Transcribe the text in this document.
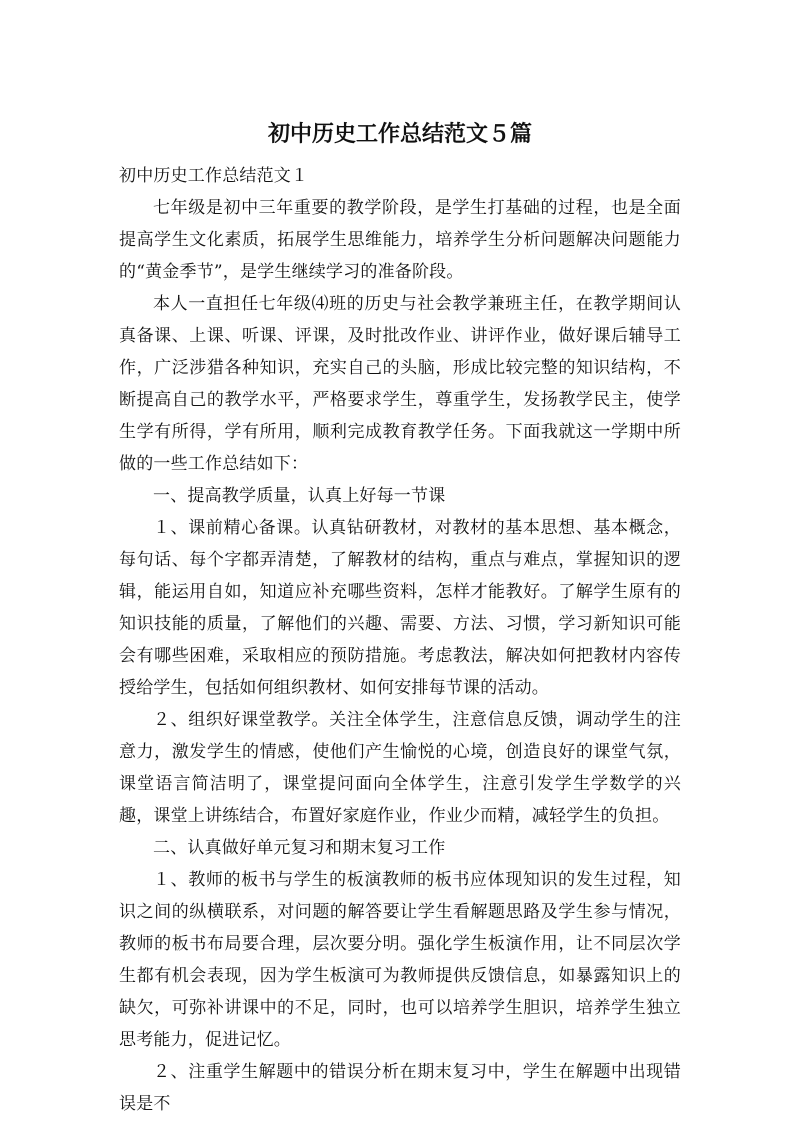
初中历史工作总结范文５篇

初中历史工作总结范文１

七年级是初中三年重要的教学阶段，是学生打基础的过程，也是全面提高学生文化素质，拓展学生思维能力，培养学生分析问题解决问题能力的“黄金季节”，是学生继续学习的准备阶段。

本人一直担任七年级⑷班的历史与社会教学兼班主任，在教学期间认真备课、上课、听课、评课，及时批改作业、讲评作业，做好课后辅导工作，广泛涉猎各种知识，充实自己的头脑，形成比较完整的知识结构，不断提高自己的教学水平，严格要求学生，尊重学生，发扬教学民主，使学生学有所得，学有所用，顺利完成教育教学任务。下面我就这一学期中所做的一些工作总结如下：

一、提高教学质量，认真上好每一节课

１、课前精心备课。认真钻研教材，对教材的基本思想、基本概念，每句话、每个字都弄清楚，了解教材的结构，重点与难点，掌握知识的逻辑，能运用自如，知道应补充哪些资料，怎样才能教好。了解学生原有的知识技能的质量，了解他们的兴趣、需要、方法、习惯，学习新知识可能会有哪些困难，采取相应的预防措施。考虑教法，解决如何把教材内容传授给学生，包括如何组织教材、如何安排每节课的活动。

２、组织好课堂教学。关注全体学生，注意信息反馈，调动学生的注意力，激发学生的情感，使他们产生愉悦的心境，创造良好的课堂气氛，课堂语言简洁明了，课堂提问面向全体学生，注意引发学生学数学的兴趣，课堂上讲练结合，布置好家庭作业，作业少而精，减轻学生的负担。

二、认真做好单元复习和期末复习工作

１、教师的板书与学生的板演教师的板书应体现知识的发生过程，知识之间的纵横联系，对问题的解答要让学生看解题思路及学生参与情况，教师的板书布局要合理，层次要分明。强化学生板演作用，让不同层次学生都有机会表现，因为学生板演可为教师提供反馈信息，如暴露知识上的缺欠，可弥补讲课中的不足，同时，也可以培养学生胆识，培养学生独立思考能力，促进记忆。

２、注重学生解题中的错误分析在期末复习中，学生在解题中出现错误是不
